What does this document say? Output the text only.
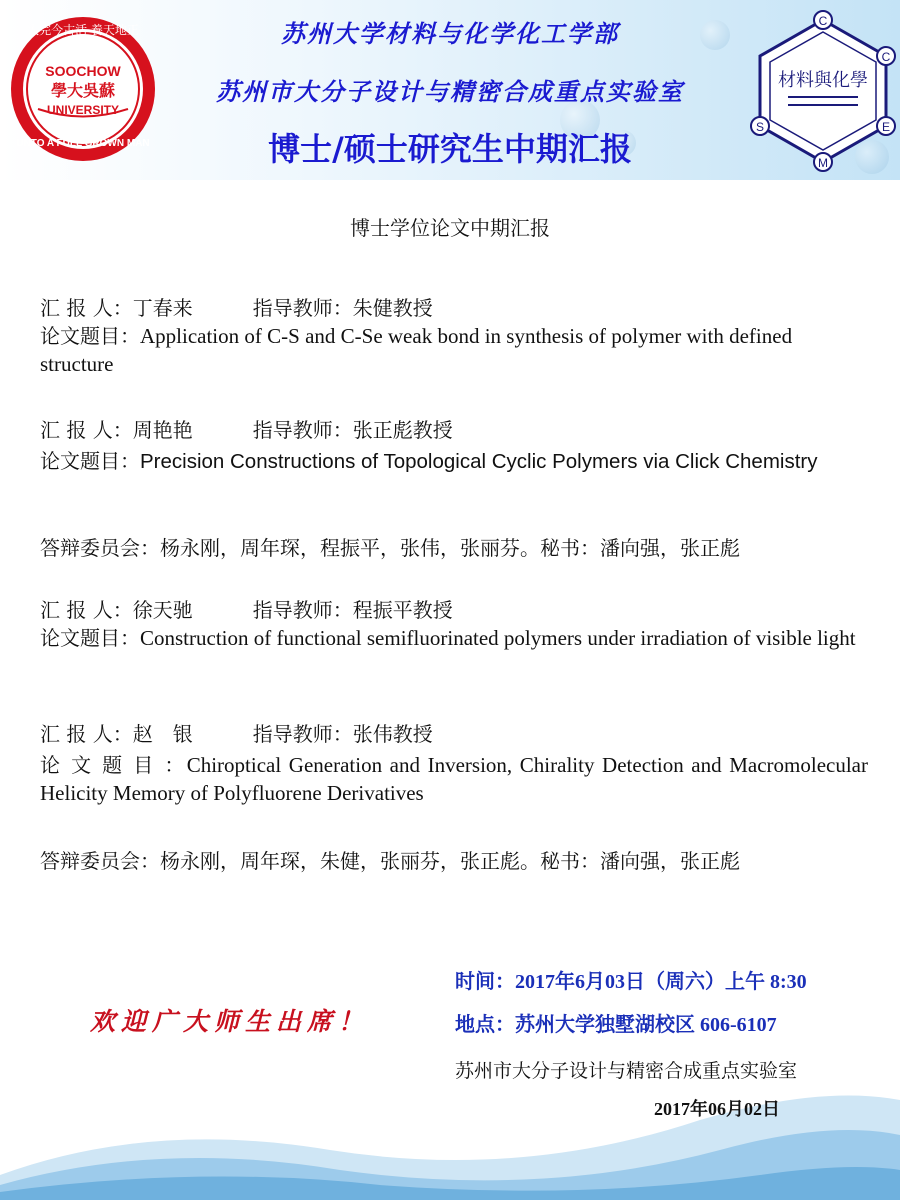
SOOCHOW
學大吳蘇
UNIVERSITY
UNTO A FULL GROWN MAN
人完今古活 養天地正	苏州大学材料与化学化工学部
苏州市大分子设计与精密合成重点实验室
博士/硕士研究生中期汇报
C
C
E
M
S
材料與化學
博士学位论文中期汇报
汇 报 人：丁春来	指导教师：朱健教授
论文题目：Application of C-S and C-Se weak bond in synthesis of polymer with defined structure
汇 报 人：周艳艳	指导教师：张正彪教授
论文题目：Precision Constructions of Topological Cyclic Polymers via Click Chemistry
答辩委员会：杨永刚，周年琛，程振平，张伟，张丽芬。秘书：潘向强，张正彪
汇 报 人：徐天驰	指导教师：程振平教授
论文题目：Construction of functional semifluorinated polymers under irradiation of visible light
汇 报 人：赵　银	指导教师：张伟教授
论 文 题 目 ：Chiroptical Generation and Inversion, Chirality Detection and Macromolecular Helicity Memory of Polyfluorene Derivatives
答辩委员会：杨永刚，周年琛，朱健，张丽芬，张正彪。秘书：潘向强，张正彪
欢迎广大师生出席！
时间：2017年6月03日（周六）上午 8:30
地点：苏州大学独墅湖校区 606-6107
苏州市大分子设计与精密合成重点实验室
2017年06月02日
